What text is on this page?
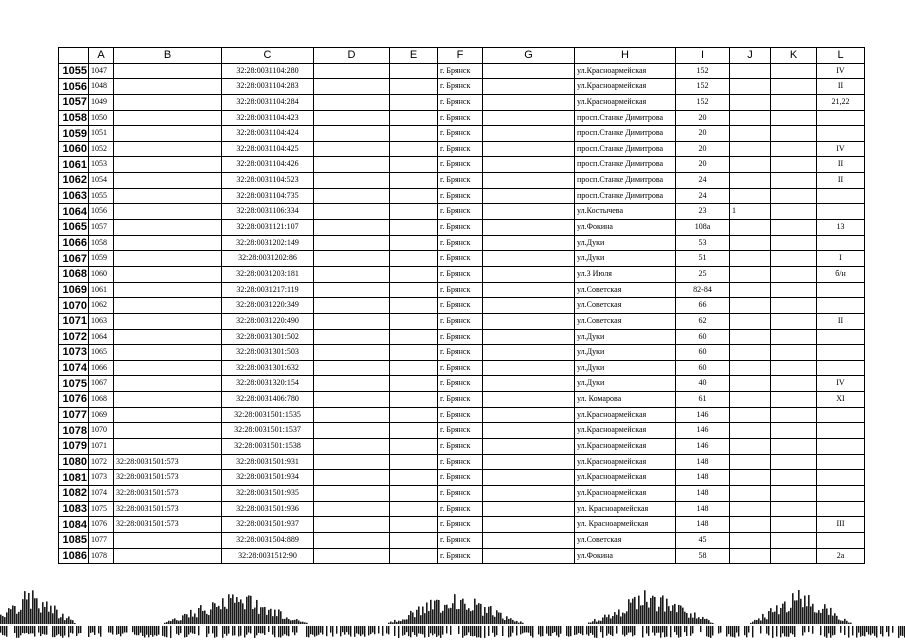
	A	B	C	D	E	F	G	H	I	J	K	L
1055	1047		32:28:0031104:280			г. Брянск		ул.Красноармейская	152			IV
1056	1048		32:28:0031104:283			г. Брянск		ул.Красноармейская	152			II
1057	1049		32:28:0031104:284			г. Брянск		ул.Красноармейская	152			21,22
1058	1050		32:28:0031104:423			г. Брянск		просп.Станке Димитрова	20			
1059	1051		32:28:0031104:424			г. Брянск		просп.Станке Димитрова	20			
1060	1052		32:28:0031104:425			г. Брянск		просп.Станке Димитрова	20			IV
1061	1053		32:28:0031104:426			г. Брянск		просп.Станке Димитрова	20			II
1062	1054		32:28:0031104:523			г. Брянск		просп.Станке Димитрова	24			II
1063	1055		32:28:0031104:735			г. Брянск		просп.Станке Димитрова	24			
1064	1056		32:28:0031106:334			г. Брянск		ул.Костычева	23	1		
1065	1057		32:28:0031121:107			г. Брянск		ул.Фокина	108а			13
1066	1058		32:28:0031202:149			г. Брянск		ул.Дуки	53			
1067	1059		32:28:0031202:86			г. Брянск		ул.Дуки	51			I
1068	1060		32:28:0031203:181			г. Брянск		ул.3 Июля	25			б/н
1069	1061		32:28:0031217:119			г. Брянск		ул.Советская	82-84			
1070	1062		32:28:0031220:349			г. Брянск		ул.Советская	66			
1071	1063		32:28:0031220:490			г. Брянск		ул.Советская	62			II
1072	1064		32:28:0031301:502			г. Брянск		ул.Дуки	60			
1073	1065		32:28:0031301:503			г. Брянск		ул.Дуки	60			
1074	1066		32:28:0031301:632			г. Брянск		ул.Дуки	60			
1075	1067		32:28:0031320:154			г. Брянск		ул.Дуки	40			IV
1076	1068		32:28:0031406:780			г. Брянск		ул. Комарова	61			XI
1077	1069		32:28:0031501:1535			г. Брянск		ул.Красноармейская	146			
1078	1070		32:28:0031501:1537			г. Брянск		ул.Красноармейская	146			
1079	1071		32:28:0031501:1538			г. Брянск		ул.Красноармейская	146			
1080	1072	32:28:0031501:573	32:28:0031501:931			г. Брянск		ул.Красноармейская	148			
1081	1073	32:28:0031501:573	32:28:0031501:934			г. Брянск		ул.Красноармейская	148			
1082	1074	32:28:0031501:573	32:28:0031501:935			г. Брянск		ул.Красноармейская	148			
1083	1075	32:28:0031501:573	32:28:0031501:936			г. Брянск		ул. Красноармейская	148			
1084	1076	32:28:0031501:573	32:28:0031501:937			г. Брянск		ул. Красноармейская	148			III
1085	1077		32:28:0031504:889			г. Брянск		ул.Советская	45			
1086	1078		32:28:0031512:90			г. Брянск		ул.Фокина	58			2а
